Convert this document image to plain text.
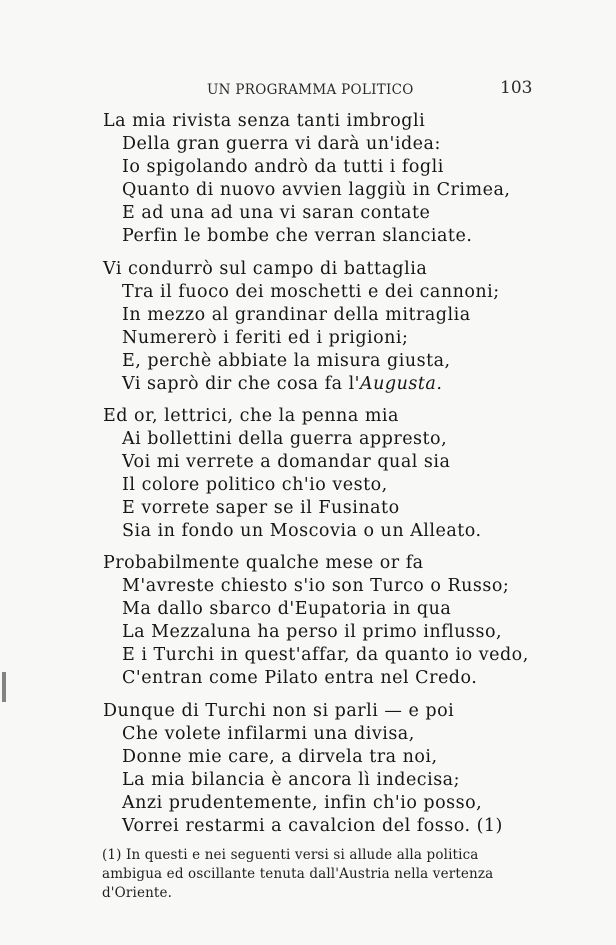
UN PROGRAMMA POLITICO	103
La mia rivista senza tanti imbrogli
Della gran guerra vi darà un'idea:
Io spigolando andrò da tutti i fogli
Quanto di nuovo avvien laggiù in Crimea,
E ad una ad una vi saran contate
Perfin le bombe che verran slanciate.
Vi condurrò sul campo di battaglia
Tra il fuoco dei moschetti e dei cannoni;
In mezzo al grandinar della mitraglia
Numererò i feriti ed i prigioni;
E, perchè abbiate la misura giusta,
Vi saprò dir che cosa fa l'Augusta.
Ed or, lettrici, che la penna mia
Ai bollettini della guerra appresto,
Voi mi verrete a domandar qual sia
Il colore politico ch'io vesto,
E vorrete saper se il Fusinato
Sia in fondo un Moscovia o un Alleato.
Probabilmente qualche mese or fa
M'avreste chiesto s'io son Turco o Russo;
Ma dallo sbarco d'Eupatoria in qua
La Mezzaluna ha perso il primo influsso,
E i Turchi in quest'affar, da quanto io vedo,
C'entran come Pilato entra nel Credo.
Dunque di Turchi non si parli — e poi
Che volete infilarmi una divisa,
Donne mie care, a dirvela tra noi,
La mia bilancia è ancora lì indecisa;
Anzi prudentemente, infin ch'io posso,
Vorrei restarmi a cavalcion del fosso. (1)
(1) In questi e nei seguenti versi si allude alla politica
ambigua ed oscillante tenuta dall'Austria nella vertenza
d'Oriente.
